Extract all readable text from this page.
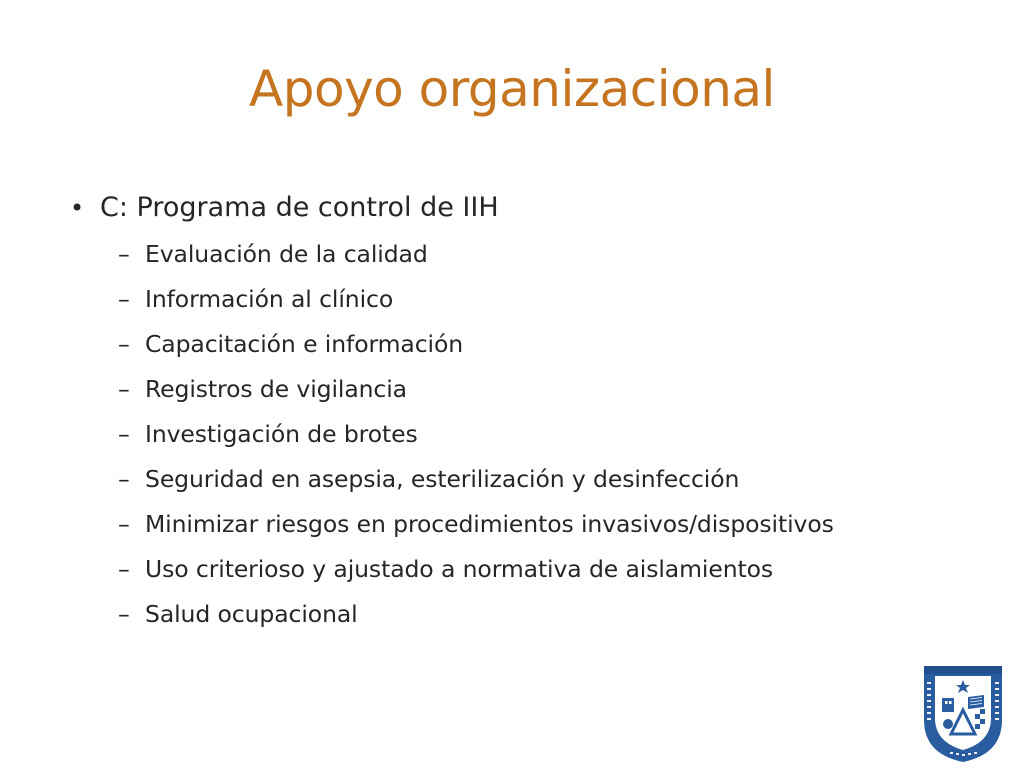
Apoyo organizacional
• C: Programa de control de IIH
– Evaluación de la calidad
– Información al clínico
– Capacitación e información
– Registros de vigilancia
– Investigación de brotes
– Seguridad en asepsia, esterilización y desinfección
– Minimizar riesgos en procedimientos invasivos/dispositivos
– Uso criterioso y ajustado a normativa de aislamientos
– Salud ocupacional
